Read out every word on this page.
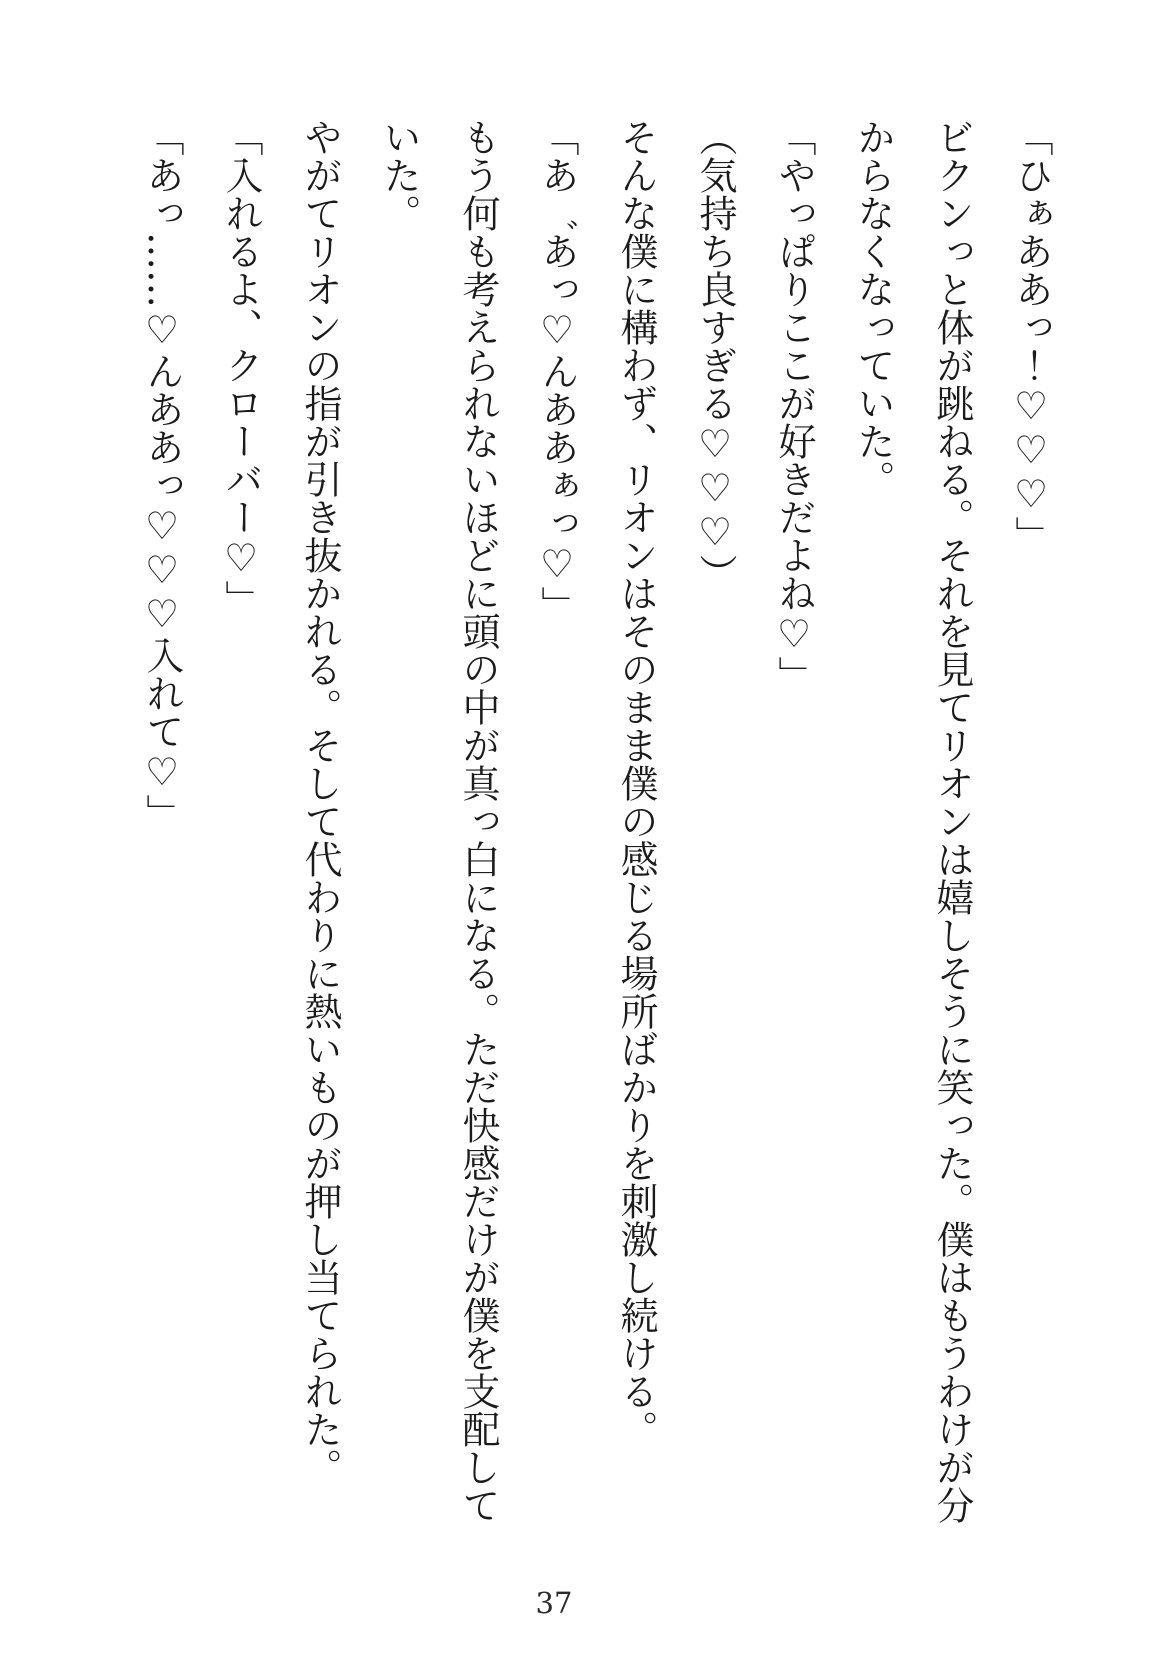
「ひぁああっ！♡♡♡」

ビクンっと体が跳ねる。それを見てリオンは嬉しそうに笑った。僕はもうわけが分からなくなっていた。

「やっぱりここが好きだよね♡」

（気持ち良すぎる♡♡♡）

そんな僕に構わず、リオンはそのまま僕の感じる場所ばかりを刺激し続ける。

「あ゛あっ♡んああぁっ♡」

もう何も考えられないほどに頭の中が真っ白になる。ただ快感だけが僕を支配していた。

やがてリオンの指が引き抜かれる。そして代わりに熱いものが押し当てられた。

「入れるよ、クローバー♡」

「あっ……♡んああっ♡♡♡入れて♡」

37
